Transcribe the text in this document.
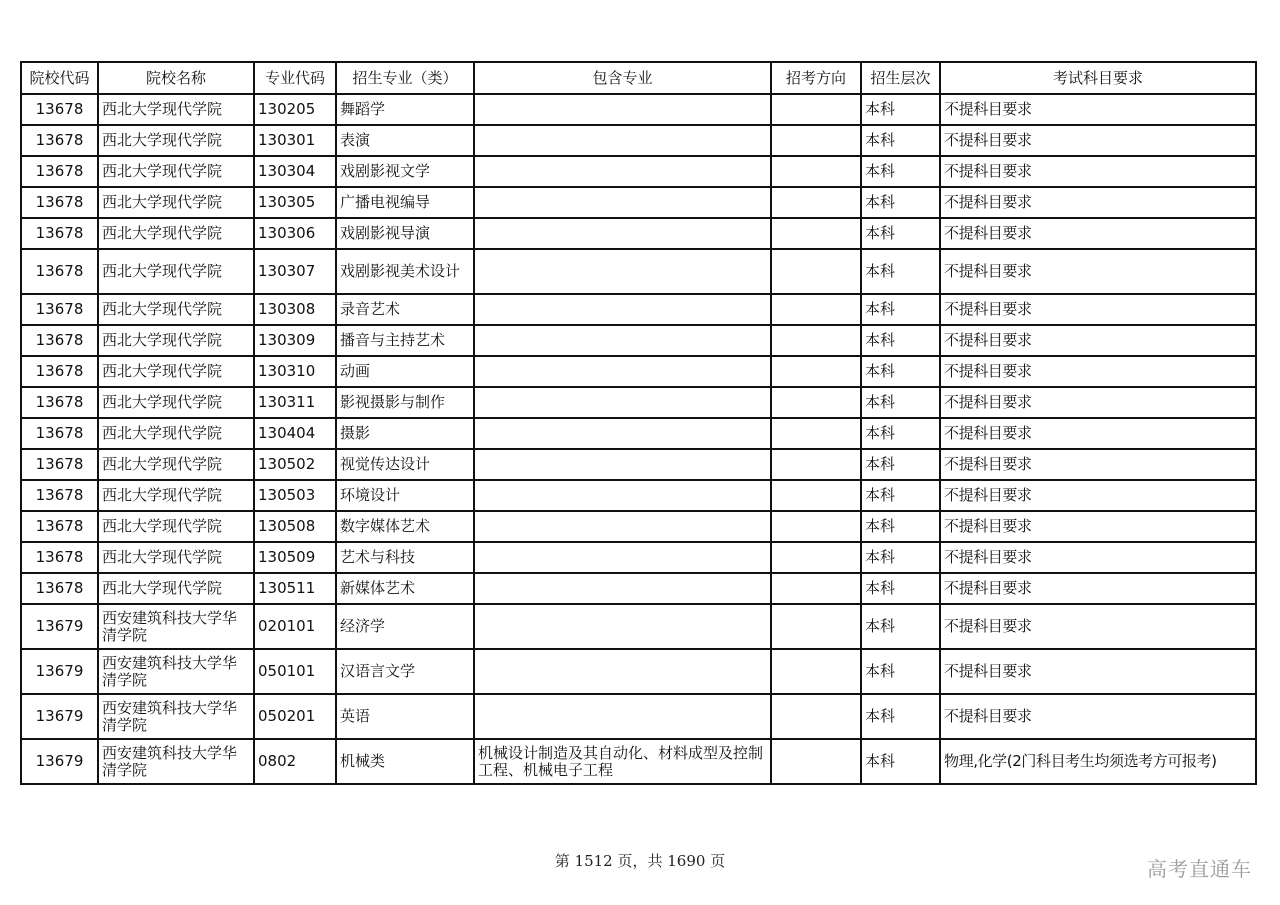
院校代码	院校名称	专业代码	招生专业（类）	包含专业	招考方向	招生层次	考试科目要求
13678	西北大学现代学院	130205	舞蹈学			本科	不提科目要求
13678	西北大学现代学院	130301	表演			本科	不提科目要求
13678	西北大学现代学院	130304	戏剧影视文学			本科	不提科目要求
13678	西北大学现代学院	130305	广播电视编导			本科	不提科目要求
13678	西北大学现代学院	130306	戏剧影视导演			本科	不提科目要求
13678	西北大学现代学院	130307	戏剧影视美术设计			本科	不提科目要求
13678	西北大学现代学院	130308	录音艺术			本科	不提科目要求
13678	西北大学现代学院	130309	播音与主持艺术			本科	不提科目要求
13678	西北大学现代学院	130310	动画			本科	不提科目要求
13678	西北大学现代学院	130311	影视摄影与制作			本科	不提科目要求
13678	西北大学现代学院	130404	摄影			本科	不提科目要求
13678	西北大学现代学院	130502	视觉传达设计			本科	不提科目要求
13678	西北大学现代学院	130503	环境设计			本科	不提科目要求
13678	西北大学现代学院	130508	数字媒体艺术			本科	不提科目要求
13678	西北大学现代学院	130509	艺术与科技			本科	不提科目要求
13678	西北大学现代学院	130511	新媒体艺术			本科	不提科目要求
13679	西安建筑科技大学华清学院	020101	经济学			本科	不提科目要求
13679	西安建筑科技大学华清学院	050101	汉语言文学			本科	不提科目要求
13679	西安建筑科技大学华清学院	050201	英语			本科	不提科目要求
13679	西安建筑科技大学华清学院	0802	机械类	机械设计制造及其自动化、材料成型及控制工程、机械电子工程		本科	物理,化学(2门科目考生均须选考方可报考)
第 1512 页，共 1690 页	高考直通车
